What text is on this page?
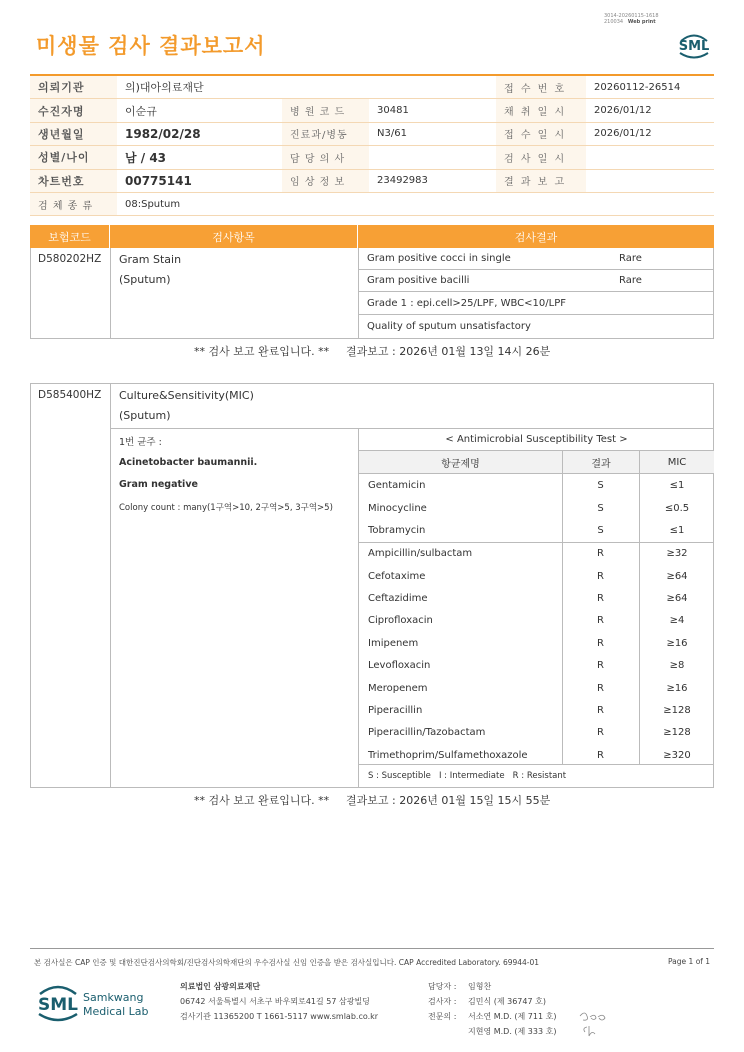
미생물 검사 결과보고서
3014-20260115-1618
210034 Web print
SML
의뢰기관	의)대아의료재단	접 수 번 호	20260112-26514
수진자명	이순규	병 원 코 드	30481	채 취 일 시	2026/01/12
생년월일	1982/02/28	진료과/병동	N3/61	접 수 일 시	2026/01/12
성별/나이	남 / 43	담 당 의 사	검 사 일 시
차트번호	00775141	임 상 정 보	23492983	결 과 보 고
검 체 종 류	08:Sputum
보험코드	검사항목	검사결과
D580202HZ Gram Stain
(Sputum)
Gram positive cocci in single	Rare
Gram positive bacilli	Rare
Grade 1 : epi.cell>25/LPF, WBC<10/LPF
Quality of sputum unsatisfactory
** 검사 보고 완료입니다. ** 결과보고 : 2026년 01월 13일 14시 26분
D585400HZ Culture&Sensitivity(MIC)
(Sputum)
1번 균주 :
Acinetobacter baumannii.
Gram negative
Colony count : many(1구역>10, 2구역>5, 3구역>5)
< Antimicrobial Susceptibility Test >
항균제명	결과	MIC
Gentamicin	S	≤1
Minocycline	S	≤0.5
Tobramycin	S	≤1
Ampicillin/sulbactam	R	≥32
Cefotaxime	R	≥64
Ceftazidime	R	≥64
Ciprofloxacin	R	≥4
Imipenem	R	≥16
Levofloxacin	R	≥8
Meropenem	R	≥16
Piperacillin	R	≥128
Piperacillin/Tazobactam	R	≥128
Trimethoprim/Sulfamethoxazole	R	≥320
S : Susceptible   I : Intermediate   R : Resistant
** 검사 보고 완료입니다. ** 결과보고 : 2026년 01월 15일 15시 55분
본 검사실은 CAP 인증 및 대한진단검사의학회/진단검사의학재단의 우수검사실 신임 인증을 받은 검사실입니다. CAP Accredited Laboratory. 69944-01	Page 1 of 1
SML Samkwang
Medical Lab
의료법인 삼광의료재단
06742 서울특별시 서초구 바우뫼로41길 57 삼광빌딩
검사기관 11365200 T 1661-5117 www.smlab.co.kr
담당자 : 임형찬
검사자 : 김민식 (제 36747 호)
전문의 : 서소연 M.D. (제 711 호)
지현영 M.D. (제 333 호)
